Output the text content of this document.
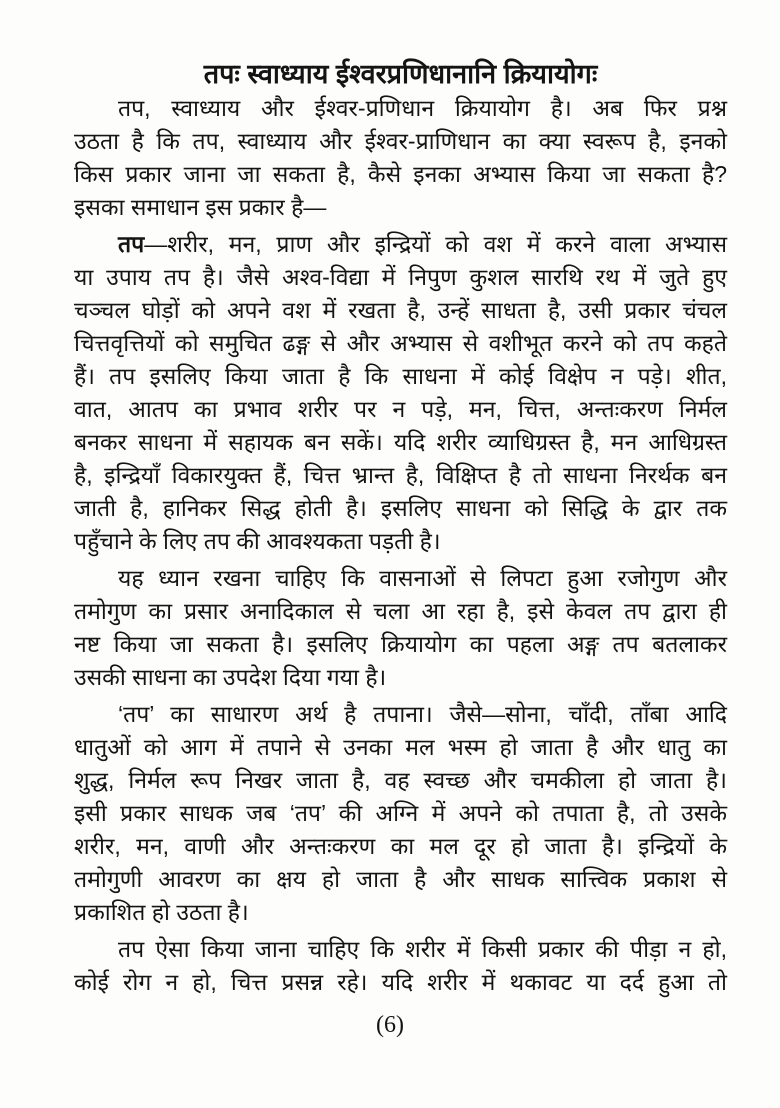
तपः स्वाध्याय ईश्वरप्रणिधानानि क्रियायोगः
तप, स्वाध्याय और ईश्वर-प्रणिधान क्रियायोग है। अब फिर प्रश्न
उठता है कि तप, स्वाध्याय और ईश्वर-प्राणिधान का क्या स्वरूप है, इनको
किस प्रकार जाना जा सकता है, कैसे इनका अभ्यास किया जा सकता है?
इसका समाधान इस प्रकार है—
तप—शरीर, मन, प्राण और इन्द्रियों को वश में करने वाला अभ्यास
या उपाय तप है। जैसे अश्व-विद्या में निपुण कुशल सारथि रथ में जुते हुए
चञ्चल घोड़ों को अपने वश में रखता है, उन्हें साधता है, उसी प्रकार चंचल
चित्तवृत्तियों को समुचित ढङ्ग से और अभ्यास से वशीभूत करने को तप कहते
हैं। तप इसलिए किया जाता है कि साधना में कोई विक्षेप न पड़े। शीत,
वात, आतप का प्रभाव शरीर पर न पड़े, मन, चित्त, अन्तःकरण निर्मल
बनकर साधना में सहायक बन सकें। यदि शरीर व्याधिग्रस्त है, मन आधिग्रस्त
है, इन्द्रियाँ विकारयुक्त हैं, चित्त भ्रान्त है, विक्षिप्त है तो साधना निरर्थक बन
जाती है, हानिकर सिद्ध होती है। इसलिए साधना को सिद्धि के द्वार तक
पहुँचाने के लिए तप की आवश्यकता पड़ती है।
यह ध्यान रखना चाहिए कि वासनाओं से लिपटा हुआ रजोगुण और
तमोगुण का प्रसार अनादिकाल से चला आ रहा है, इसे केवल तप द्वारा ही
नष्ट किया जा सकता है। इसलिए क्रियायोग का पहला अङ्ग तप बतलाकर
उसकी साधना का उपदेश दिया गया है।
‘तप’ का साधारण अर्थ है तपाना। जैसे—सोना, चाँदी, ताँबा आदि
धातुओं को आग में तपाने से उनका मल भस्म हो जाता है और धातु का
शुद्ध, निर्मल रूप निखर जाता है, वह स्वच्छ और चमकीला हो जाता है।
इसी प्रकार साधक जब ‘तप’ की अग्नि में अपने को तपाता है, तो उसके
शरीर, मन, वाणी और अन्तःकरण का मल दूर हो जाता है। इन्द्रियों के
तमोगुणी आवरण का क्षय हो जाता है और साधक सात्त्विक प्रकाश से
प्रकाशित हो उठता है।
तप ऐसा किया जाना चाहिए कि शरीर में किसी प्रकार की पीड़ा न हो,
कोई रोग न हो, चित्त प्रसन्न रहे। यदि शरीर में थकावट या दर्द हुआ तो
(6)
